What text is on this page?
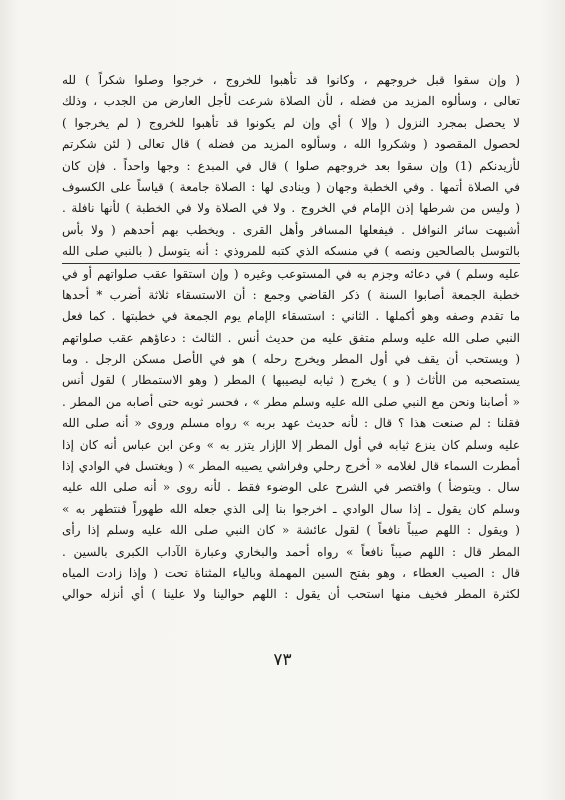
( وإن سقوا قبل خروجهم ، وكانوا قد تأهبوا للخروج ، خرجوا وصلوا شكراً ) لله
تعالى ، وسألوه المزيد من فضله ، لأن الصلاة شرعت لأجل العارض من الجدب ، وذلك
لا يحصل بمجرد النزول ( وإلا ) أي وإن لم يكونوا قد تأهبوا للخروج ( لم يخرجوا )
لحصول المقصود ( وشكروا الله ، وسألوه المزيد من فضله ) قال تعالى ( لئن شكرتم
لأزيدنكم (1) وإن سقوا بعد خروجهم صلوا ) قال في المبدع : وجها واحداً . فإن كان
في الصلاة أتمها . وفي الخطبة وجهان ( وينادى لها : الصلاة جامعة ) قياساً على الكسوف
( وليس من شرطها إذن الإمام في الخروج . ولا في الصلاة ولا في الخطبة ) لأنها نافلة .
أشبهت سائر النوافل . فيفعلها المسافر وأهل القرى . ويخطب بهم أحدهم ( ولا بأس
بالتوسل بالصالحين ونصه ) في منسكه الذي كتبه للمروذي : أنه يتوسل ( بالنبي صلى الله
عليه وسلم ) في دعائه وجزم به في المستوعب وغيره ( وإن استقوا عقب صلواتهم أو في
خطبة الجمعة أصابوا السنة ) ذكر القاضي وجمع : أن الاستسقاء ثلاثة أضرب * أحدها
ما تقدم وصفه وهو أكملها . الثاني : استسقاء الإمام يوم الجمعة في خطبتها . كما فعل
النبي صلى الله عليه وسلم متفق عليه من حديث أنس . الثالث : دعاؤهم عقب صلواتهم
( ويستحب أن يقف في أول المطر ويخرج رحله ) هو في الأصل مسكن الرجل . وما
يستصحبه من الأثاث ( و ) يخرج ( ثيابه ليصيبها ) المطر ( وهو الاستمطار ) لقول أنس
« أصابنا ونحن مع النبي صلى الله عليه وسلم مطر » ، فحسر ثوبه حتى أصابه من المطر .
فقلنا : لم صنعت هذا ؟ قال : لأنه حديث عهد بربه » رواه مسلم وروى « أنه صلى الله
عليه وسلم كان ينزع ثيابه في أول المطر إلا الإزار يتزر به » وعن ابن عباس أنه كان إذا
أمطرت السماء قال لغلامه « أخرج رحلي وفراشي يصيبه المطر » ( ويغتسل في الوادي إذا
سال . ويتوضأ ) واقتصر في الشرح على الوضوء فقط . لأنه روى « أنه صلى الله عليه
وسلم كان يقول ـ إذا سال الوادي ـ اخرجوا بنا إلى الذي جعله الله طهوراً فنتطهر به »
( ويقول : اللهم صيباً نافعاً ) لقول عائشة « كان النبي صلى الله عليه وسلم إذا رأى
المطر قال : اللهم صيباً نافعاً » رواه أحمد والبخاري وعبارة الآداب الكبرى بالسين .
قال : الصيب العطاء ، وهو بفتح السين المهملة وبالياء المثناة تحت ( وإذا زادت المياه
لكثرة المطر فخيف منها استحب أن يقول : اللهم حوالينا ولا علينا ) أي أنزله حوالي
٧٣
